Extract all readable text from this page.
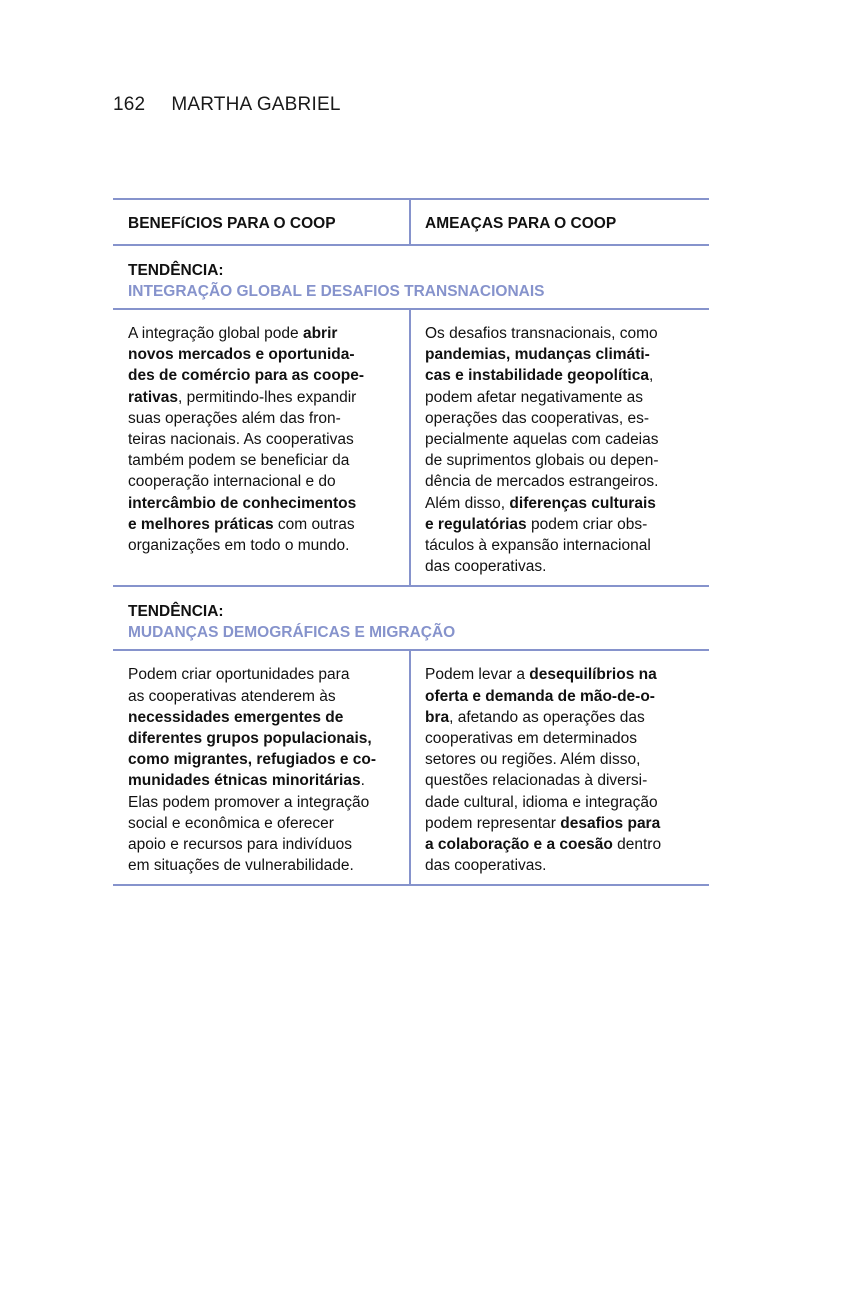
162 MARTHA GABRIEL
BENEFíCIOS PARA O COOP	AMEAÇAS PARA O COOP
TENDÊNCIA:
INTEGRAÇÃO GLOBAL E DESAFIOS TRANSNACIONAIS
A integração global pode abrir
novos mercados e oportunida-
des de comércio para as coope-
rativas, permitindo-lhes expandir
suas operações além das fron-
teiras nacionais. As cooperativas
também podem se beneficiar da
cooperação internacional e do
intercâmbio de conhecimentos
e melhores práticas com outras
organizações em todo o mundo.
Os desafios transnacionais, como
pandemias, mudanças climáti-
cas e instabilidade geopolítica,
podem afetar negativamente as
operações das cooperativas, es-
pecialmente aquelas com cadeias
de suprimentos globais ou depen-
dência de mercados estrangeiros.
Além disso, diferenças culturais
e regulatórias podem criar obs-
táculos à expansão internacional
das cooperativas.
TENDÊNCIA:
MUDANÇAS DEMOGRÁFICAS E MIGRAÇÃO
Podem criar oportunidades para
as cooperativas atenderem às
necessidades emergentes de
diferentes grupos populacionais,
como migrantes, refugiados e co-
munidades étnicas minoritárias.
Elas podem promover a integração
social e econômica e oferecer
apoio e recursos para indivíduos
em situações de vulnerabilidade.
Podem levar a desequilíbrios na
oferta e demanda de mão-de-o-
bra, afetando as operações das
cooperativas em determinados
setores ou regiões. Além disso,
questões relacionadas à diversi-
dade cultural, idioma e integração
podem representar desafios para
a colaboração e a coesão dentro
das cooperativas.
